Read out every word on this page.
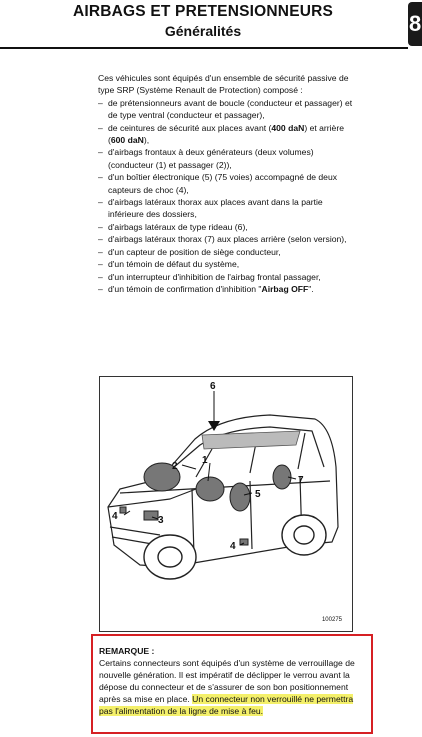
AIRBAGS ET PRETENSIONNEURS
Généralités	8

Ces véhicules sont équipés d'un ensemble de sécurité passive de type SRP (Système Renault de Protection) composé :

– de prétensionneurs avant de boucle (conducteur et passager) et de type ventral (conducteur et passager),
– de ceintures de sécurité aux places avant (400 daN) et arrière (600 daN),
– d'airbags frontaux à deux générateurs (deux volumes) (conducteur (1) et passager (2)),
– d'un boîtier électronique (5) (75 voies) accompagné de deux capteurs de choc (4),
– d'airbags latéraux thorax aux places avant dans la partie inférieure des dossiers,
– d'airbags latéraux de type rideau (6),
– d'airbags latéraux thorax (7) aux places arrière (selon version),
– d'un capteur de position de siège conducteur,
– d'un témoin de défaut du système,
– d'un interrupteur d'inhibition de l'airbag frontal passager,
– d'un témoin de confirmation d'inhibition "Airbag OFF".
6
2
1
4	3
5
7
4
100275
REMARQUE :
Certains connecteurs sont équipés d'un système de verrouillage de nouvelle génération. Il est impératif de déclipper le verrou avant la dépose du connecteur et de s'assurer de son bon positionnement après sa mise en place. Un connecteur non verrouillé ne permettra pas l'alimentation de la ligne de mise à feu.
